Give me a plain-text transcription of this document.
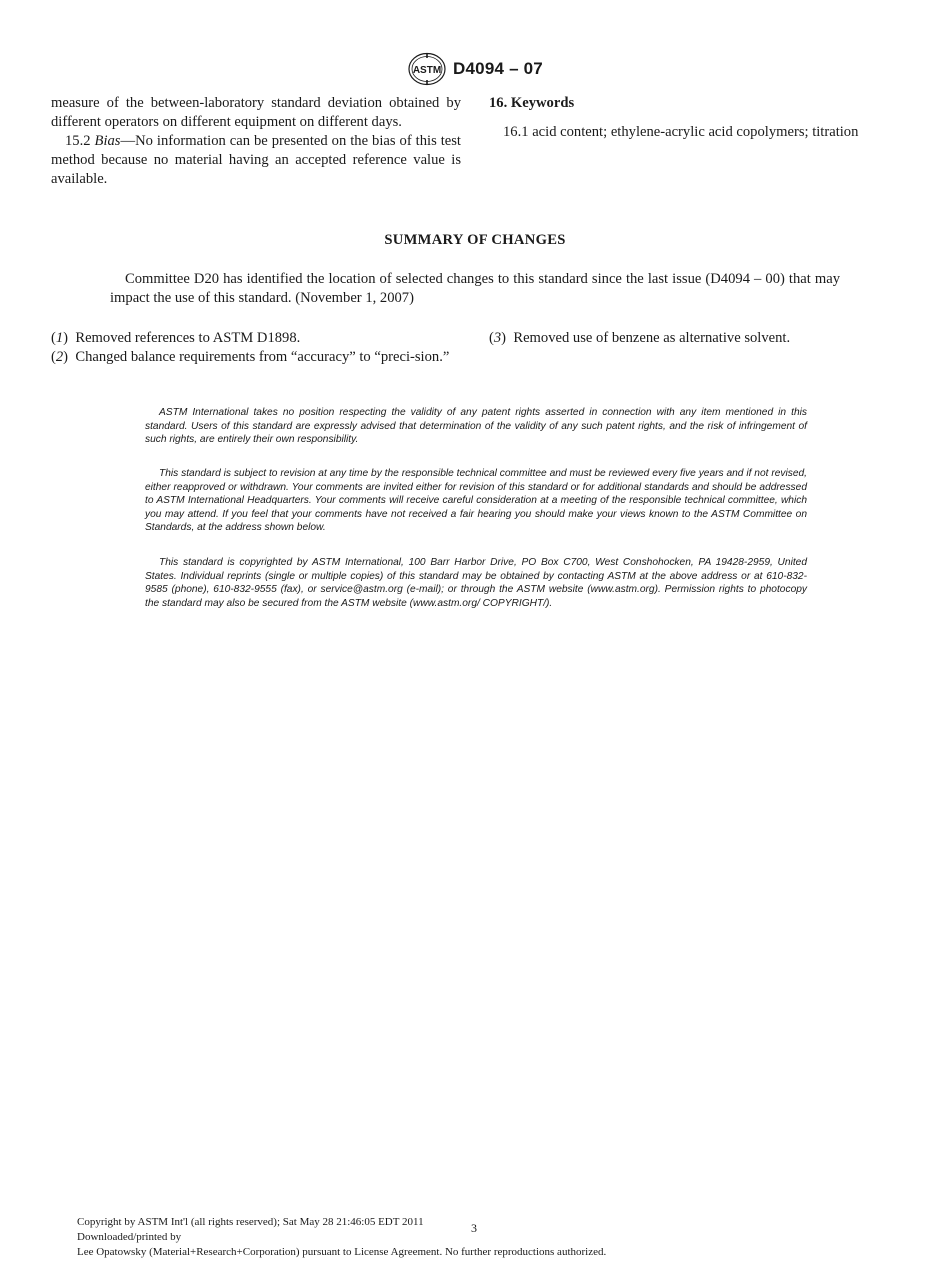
ASTM D4094 – 07

measure of the between-laboratory standard deviation obtained by different operators on different equipment on different days.

15.2 Bias—No information can be presented on the bias of this test method because no material having an accepted reference value is available.

16. Keywords

16.1 acid content; ethylene-acrylic acid copolymers; titration

SUMMARY OF CHANGES
Committee D20 has identified the location of selected changes to this standard since the last issue (D4094 – 00) that may impact the use of this standard. (November 1, 2007)

(1)  Removed references to ASTM D1898.

(2)  Changed balance requirements from “accuracy” to “preci-sion.”

(3)  Removed use of benzene as alternative solvent.

ASTM International takes no position respecting the validity of any patent rights asserted in connection with any item mentioned in this standard. Users of this standard are expressly advised that determination of the validity of any such patent rights, and the risk of infringement of such rights, are entirely their own responsibility.

This standard is subject to revision at any time by the responsible technical committee and must be reviewed every five years and if not revised, either reapproved or withdrawn. Your comments are invited either for revision of this standard or for additional standards and should be addressed to ASTM International Headquarters. Your comments will receive careful consideration at a meeting of the responsible technical committee, which you may attend. If you feel that your comments have not received a fair hearing you should make your views known to the ASTM Committee on Standards, at the address shown below.

This standard is copyrighted by ASTM International, 100 Barr Harbor Drive, PO Box C700, West Conshohocken, PA 19428-2959, United States. Individual reprints (single or multiple copies) of this standard may be obtained by contacting ASTM at the above address or at 610-832-9585 (phone), 610-832-9555 (fax), or service@astm.org (e-mail); or through the ASTM website (www.astm.org). Permission rights to photocopy the standard may also be secured from the ASTM website (www.astm.org/ COPYRIGHT/).

Copyright by ASTM Int'l (all rights reserved); Sat May 28 21:46:05 EDT 2011
Downloaded/printed by
Lee Opatowsky (Material+Research+Corporation) pursuant to License Agreement. No further reproductions authorized.
3
